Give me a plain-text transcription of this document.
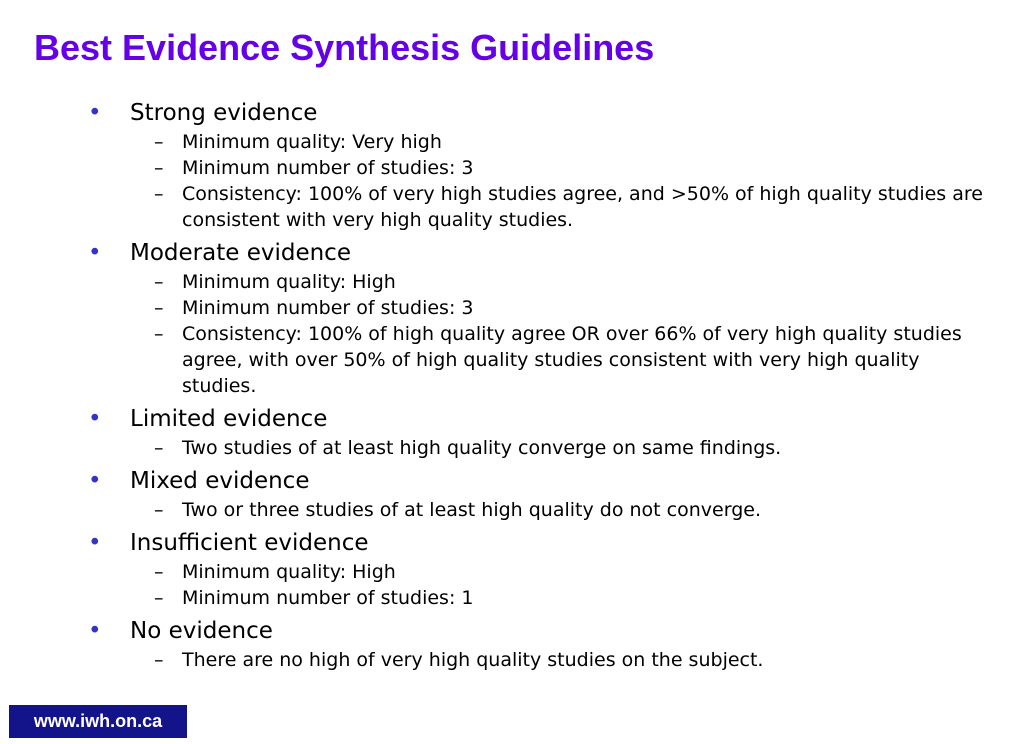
Best Evidence Synthesis Guidelines
• Strong evidence
– Minimum quality: Very high
– Minimum number of studies: 3
– Consistency: 100% of very high studies agree, and >50% of high quality studies are consistent with very high quality studies.
• Moderate evidence
– Minimum quality: High
– Minimum number of studies: 3
– Consistency: 100% of high quality agree OR over 66% of very high quality studies agree, with over 50% of high quality studies consistent with very high quality studies.
• Limited evidence
– Two studies of at least high quality converge on same findings.
• Mixed evidence
– Two or three studies of at least high quality do not converge.
• Insufficient evidence
– Minimum quality: High
– Minimum number of studies: 1
• No evidence
– There are no high of very high quality studies on the subject.
www.iwh.on.ca
